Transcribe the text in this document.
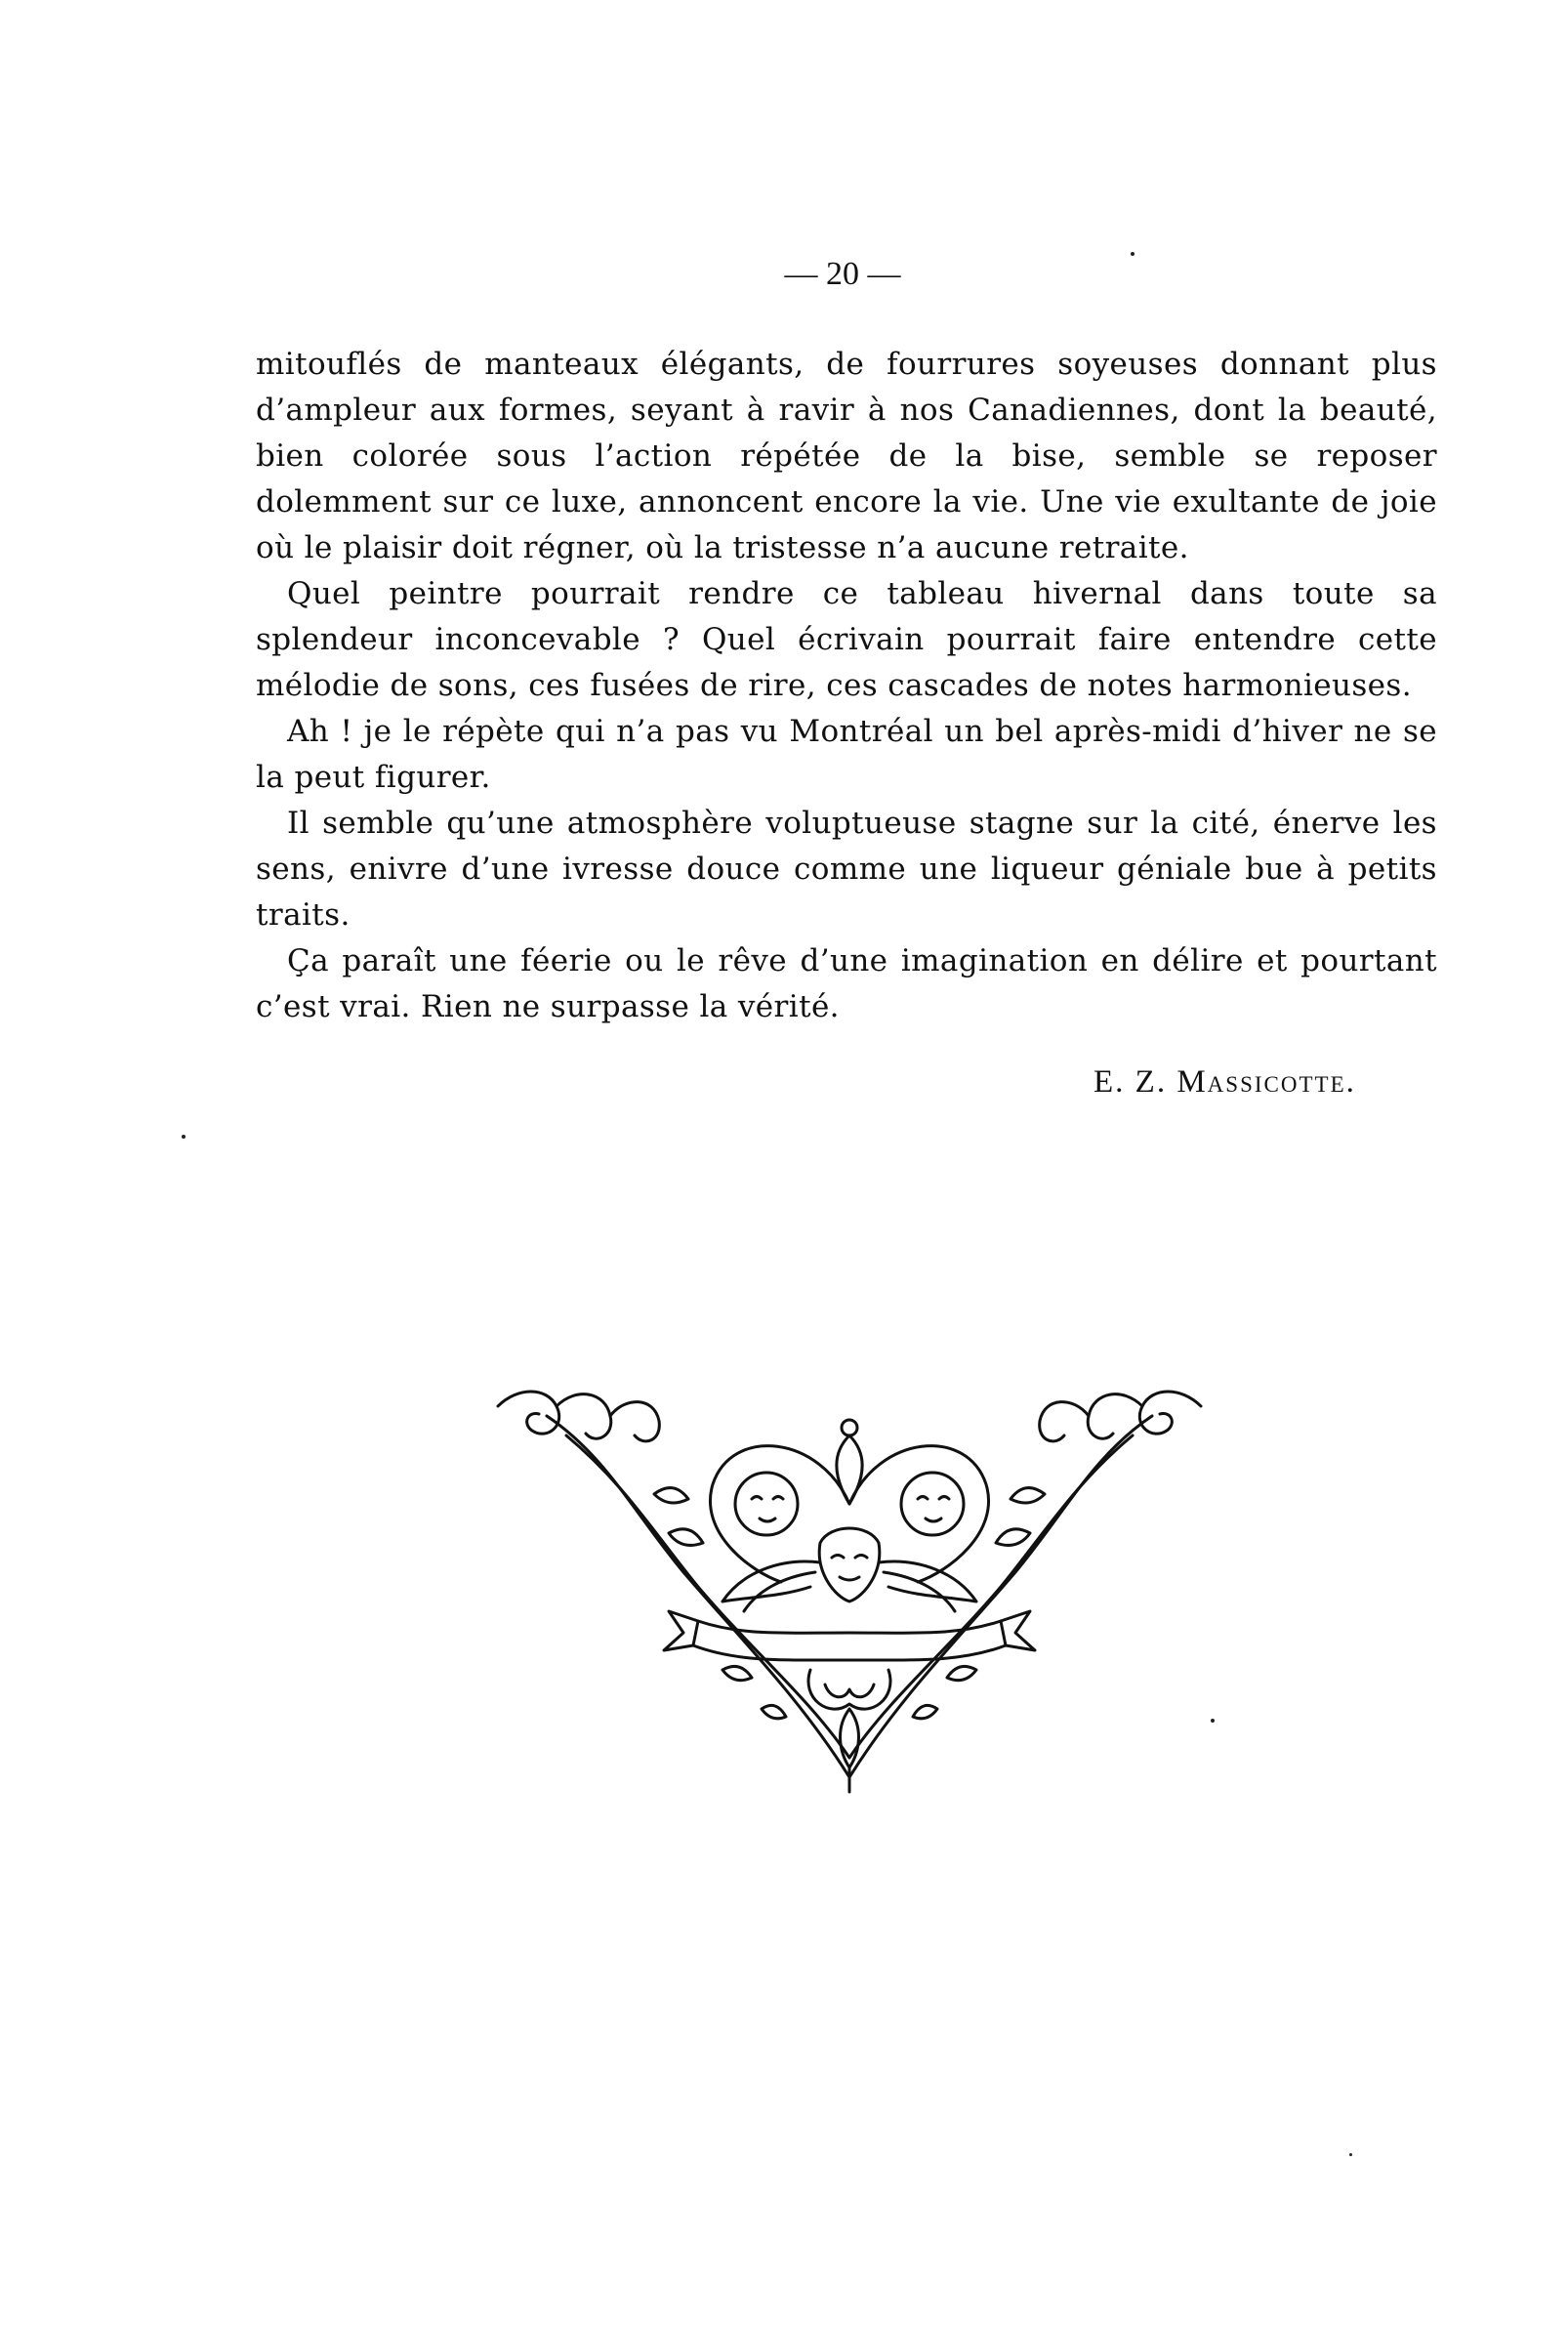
— 20 —

mitouflés de manteaux élégants, de fourrures soyeuses donnant plus d’ampleur aux formes, seyant à ravir à nos Canadiennes, dont la beauté, bien colorée sous l’action répétée de la bise, semble se reposer dolemment sur ce luxe, annoncent encore la vie. Une vie exultante de joie où le plaisir doit régner, où la tristesse n’a aucune retraite.

Quel peintre pourrait rendre ce tableau hivernal dans toute sa splendeur inconcevable ? Quel écrivain pourrait faire entendre cette mélodie de sons, ces fusées de rire, ces cascades de notes harmonieuses.

Ah ! je le répète qui n’a pas vu Montréal un bel après-midi d’hiver ne se la peut figurer.

Il semble qu’une atmosphère voluptueuse stagne sur la cité, énerve les sens, enivre d’une ivresse douce comme une liqueur géniale bue à petits traits.

Ça paraît une féerie ou le rêve d’une imagination en délire et pourtant c’est vrai. Rien ne surpasse la vérité.

E. Z. Massicotte.
